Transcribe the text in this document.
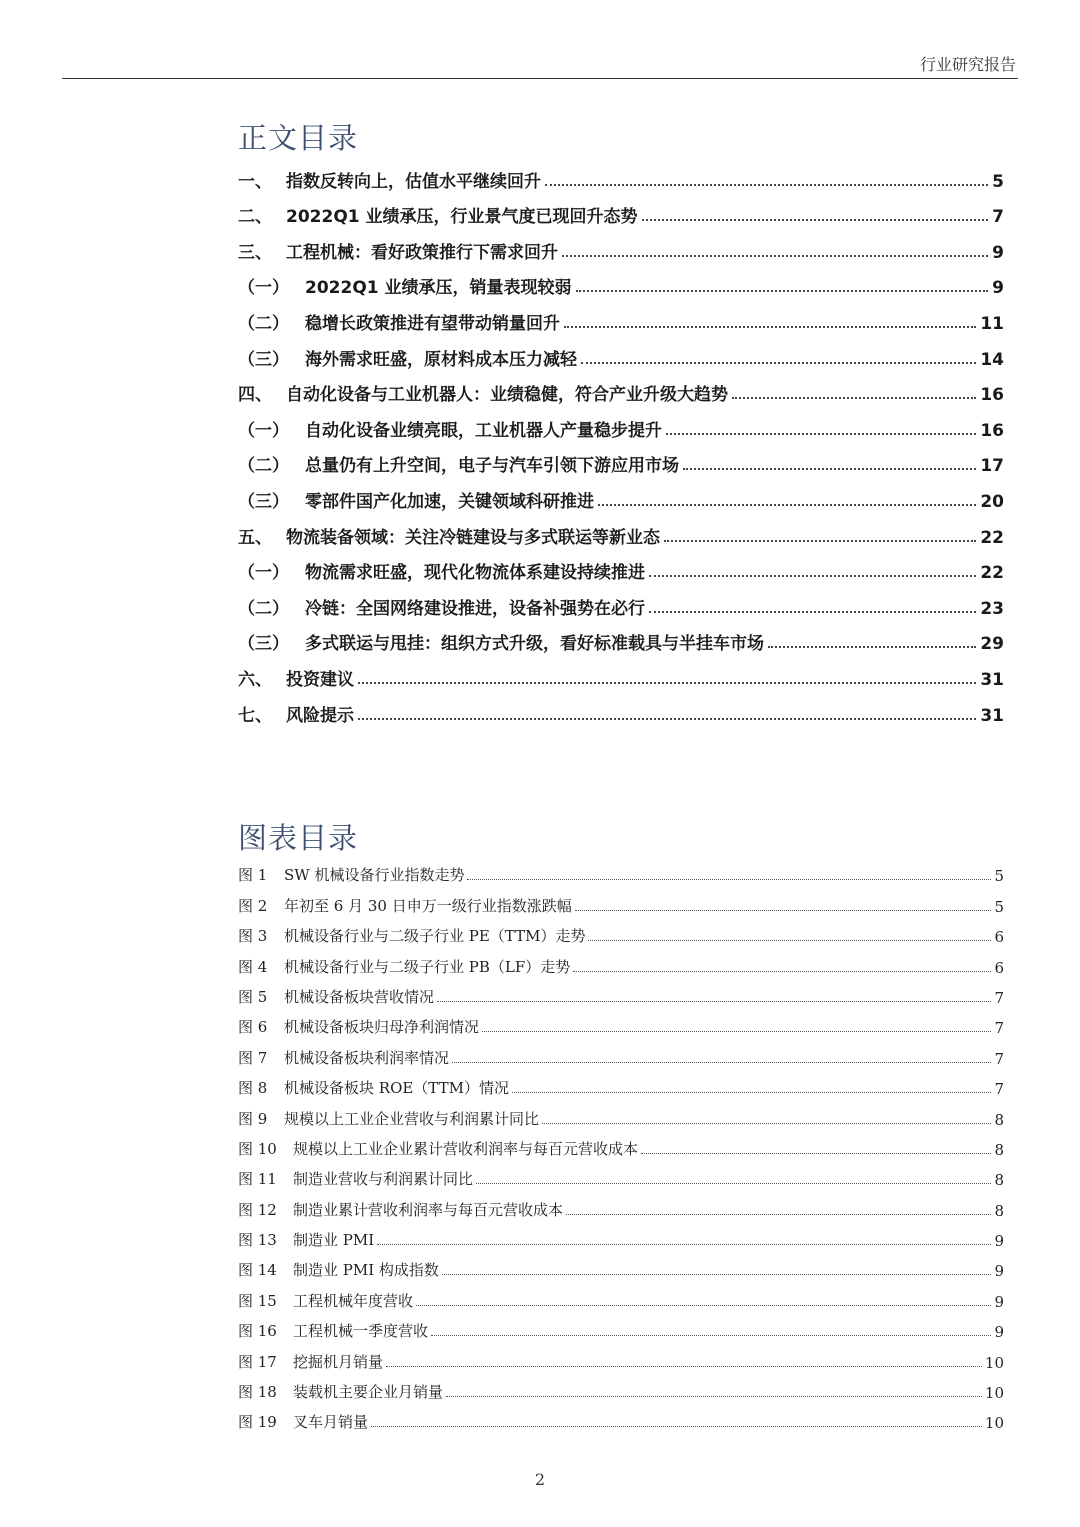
行业研究报告
正文目录
一、 指数反转向上，估值水平继续回升	5
二、 2022Q1 业绩承压，行业景气度已现回升态势	7
三、 工程机械：看好政策推行下需求回升	9
（一） 2022Q1 业绩承压，销量表现较弱	9
（二） 稳增长政策推进有望带动销量回升	11
（三） 海外需求旺盛，原材料成本压力减轻	14
四、 自动化设备与工业机器人：业绩稳健，符合产业升级大趋势	16
（一） 自动化设备业绩亮眼，工业机器人产量稳步提升	16
（二） 总量仍有上升空间，电子与汽车引领下游应用市场	17
（三） 零部件国产化加速，关键领域科研推进	20
五、 物流装备领域：关注冷链建设与多式联运等新业态	22
（一） 物流需求旺盛，现代化物流体系建设持续推进	22
（二） 冷链：全国网络建设推进，设备补强势在必行	23
（三） 多式联运与甩挂：组织方式升级，看好标准载具与半挂车市场	29
六、 投资建议	31
七、 风险提示	31
图表目录
图 1	SW 机械设备行业指数走势	5
图 2	年初至 6 月 30 日申万一级行业指数涨跌幅	5
图 3	机械设备行业与二级子行业 PE（TTM）走势	6
图 4	机械设备行业与二级子行业 PB（LF）走势	6
图 5	机械设备板块营收情况	7
图 6	机械设备板块归母净利润情况	7
图 7	机械设备板块利润率情况	7
图 8	机械设备板块 ROE（TTM）情况	7
图 9	规模以上工业企业营收与利润累计同比	8
图 10	规模以上工业企业累计营收利润率与每百元营收成本	8
图 11	制造业营收与利润累计同比	8
图 12	制造业累计营收利润率与每百元营收成本	8
图 13	制造业 PMI	9
图 14	制造业 PMI 构成指数	9
图 15	工程机械年度营收	9
图 16	工程机械一季度营收	9
图 17	挖掘机月销量	10
图 18	装载机主要企业月销量	10
图 19	叉车月销量	10
2
